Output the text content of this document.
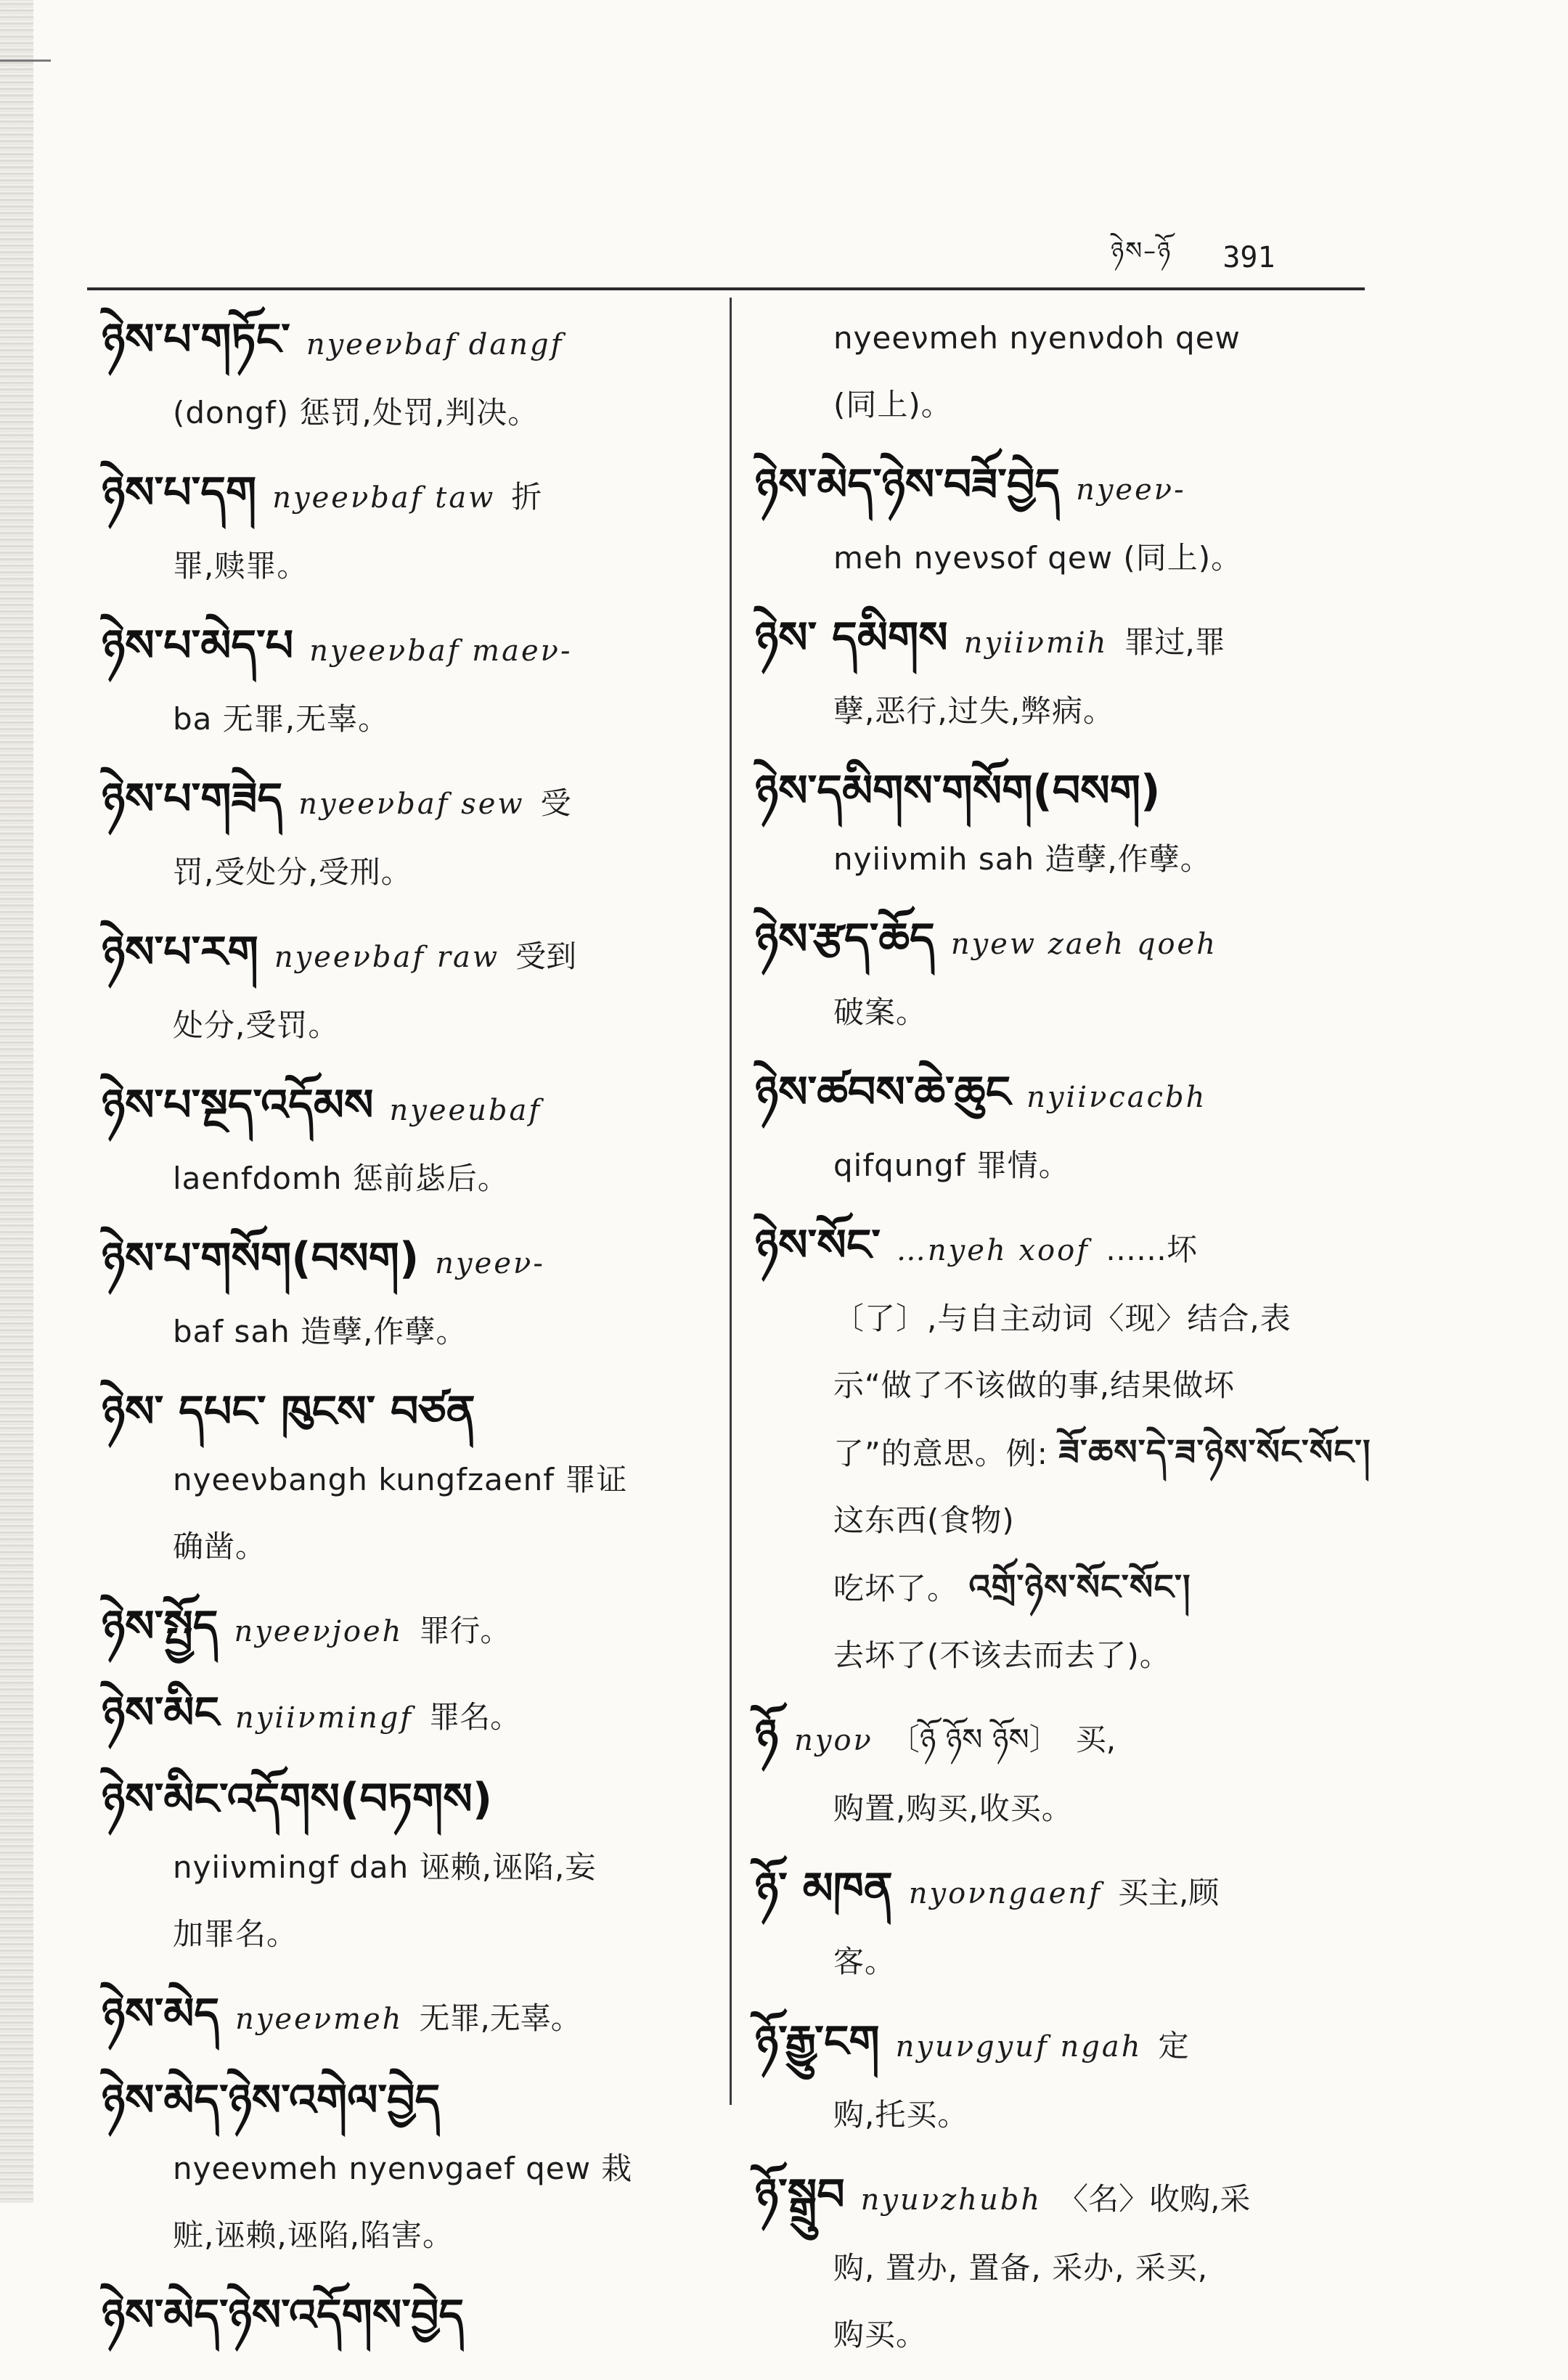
ཉེས–ཉོ 391
ཉེས་པ་གཏོང་ nyeeνbaf dangf
(dongf) 惩罚,处罚,判决。
ཉེས་པ་དག nyeeνbaf taw 折
罪,赎罪。
ཉེས་པ་མེད་པ nyeeνbaf maeν-
ba 无罪,无辜。
ཉེས་པ་གཟེད nyeeνbaf sew 受
罚,受处分,受刑。
ཉེས་པ་རག nyeeνbaf raw 受到
处分,受罚。
ཉེས་པ་སྔད་འདོམས nyeeubaf
laenfdomh 惩前毖后。
ཉེས་པ་གསོག(བསག) nyeeν-
baf sah 造孽,作孽。
ཉེས་ དཔང་ ཁུངས་ བཙན
nyeeνbangh kungfzaenf 罪证
确凿。
ཉེས་སྤྱོད nyeeνjoeh 罪行。
ཉེས་མིང nyiiνmingf 罪名。
ཉེས་མིང་འདོགས(བཏགས)
nyiiνmingf dah 诬赖,诬陷,妄
加罪名。
ཉེས་མེད nyeeνmeh 无罪,无辜。
ཉེས་མེད་ཉེས་འགེལ་བྱེད
nyeeνmeh nyenνgaef qew 栽
赃,诬赖,诬陷,陷害。
ཉེས་མེད་ཉེས་འདོགས་བྱེད
nyeeνmeh nyenνdoh qew
(同上)。
ཉེས་མེད་ཉེས་བཟོ་བྱེད nyeeν-
meh nyeνsof qew (同上)。
ཉེས་ དམིགས nyiiνmih 罪过,罪
孽,恶行,过失,弊病。
ཉེས་དམིགས་གསོག(བསག)
nyiiνmih sah 造孽,作孽。
ཉེས་རྩད་ཆོད nyew zaeh qoeh
破案。
ཉེས་ཚབས་ཆེ་ཆུང nyiiνcacbh
qifqungf 罪情。
ཉེས་སོང་ …nyeh xoof ……坏
〔了〕,与自主动词〈现〉结合,表
示“做了不该做的事,结果做坏
了”的意思。例: ཟོ་ཆས་དེ་ཟ་ཉེས་སོང་སོང་།
这东西(食物)
吃坏了。 འགྲོ་ཉེས་སོང་སོང་།
去坏了(不该去而去了)。
ཉོ nyoν 〔ཉོ ཉོས ཉོས〕 买,
购置,购买,收买。
ཉོ་ མཁན nyoνngaenf 买主,顾
客。
ཉོ་རྒྱུ་ངག nyuνgyuf ngah 定
购,托买。
ཉོ་སྒྲུབ nyuνzhubh 〈名〉收购,采
购, 置办, 置备, 采办, 采买,
购买。
